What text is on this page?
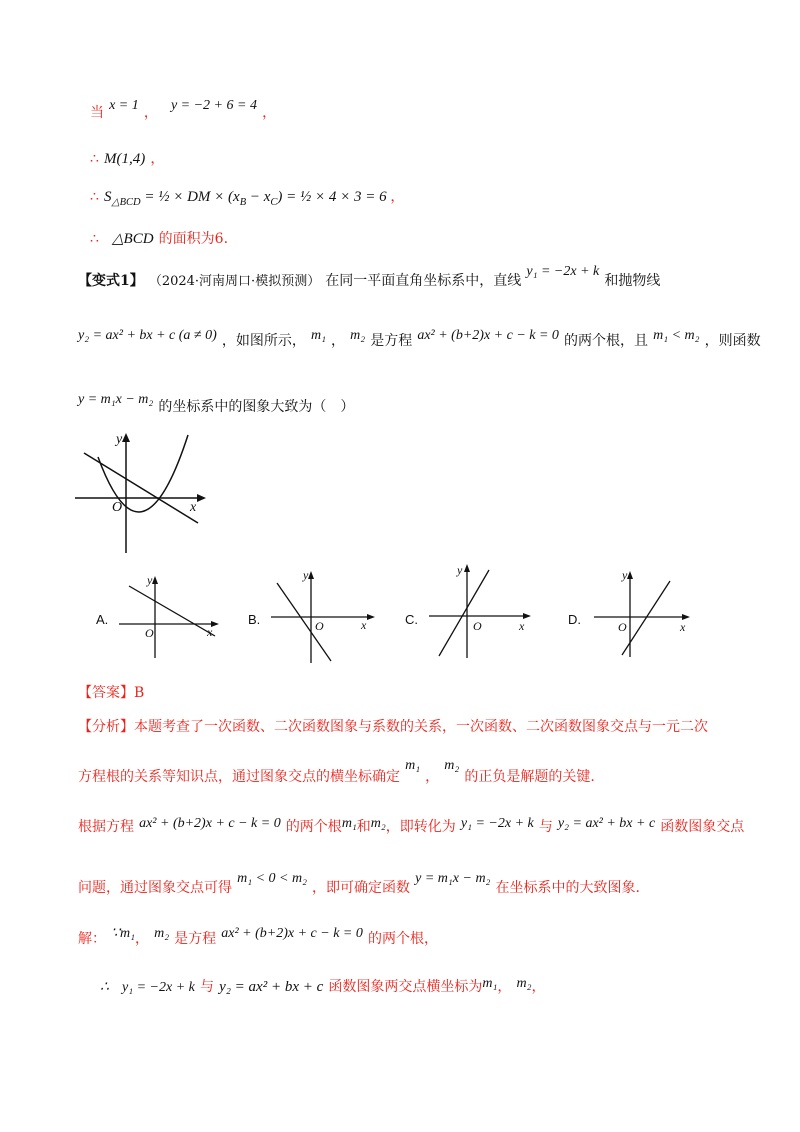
当 x = 1 ， y = −2 + 6 = 4 ，
∴ M(1,4) ，
∴ $S_{\triangle BCD}$ = ½ × DM × $(x_B - x_C)$ = ½ × 4 × 3 = 6 ，
∴ △BCD 的面积为6.
【变式1】 （2024·河南周口·模拟预测） 在同一平面直角坐标系中，直线 y₁ = −2x + k 和抛物线
y₂ = ax² + bx + c (a ≠ 0) ，如图所示， m₁ ， m₂ 是方程 ax² + (b+2)x + c − k = 0 的两个根，且 m₁ < m₂ ，则函数
y = m₁x − m₂ 的坐标系中的图象大致为（　）
x
y
O
A.
y
O	x
B.
y
O	x	C.
y
O	x	D.
y
O	x
【答案】B
【分析】本题考查了一次函数、二次函数图象与系数的关系，一次函数、二次函数图象交点与一元二次
方程根的关系等知识点，通过图象交点的横坐标确定 m₁ ， m₂ 的正负是解题的关键.
根据方程 ax² + (b+2)x + c − k = 0 的两个根m₁和m₂，即转化为 y₁ = −2x + k 与 y₂ = ax² + bx + c 函数图象交点
问题，通过图象交点可得 m₁ < 0 < m₂ ，即可确定函数 y = m₁x − m₂ 在坐标系中的大致图象.
解： ∵m₁， m₂ 是方程 ax² + (b+2)x + c − k = 0 的两个根，
∴ y₁ = −2x + k 与 y₂ = ax² + bx + c 函数图象两交点横坐标为m₁， m₂，
